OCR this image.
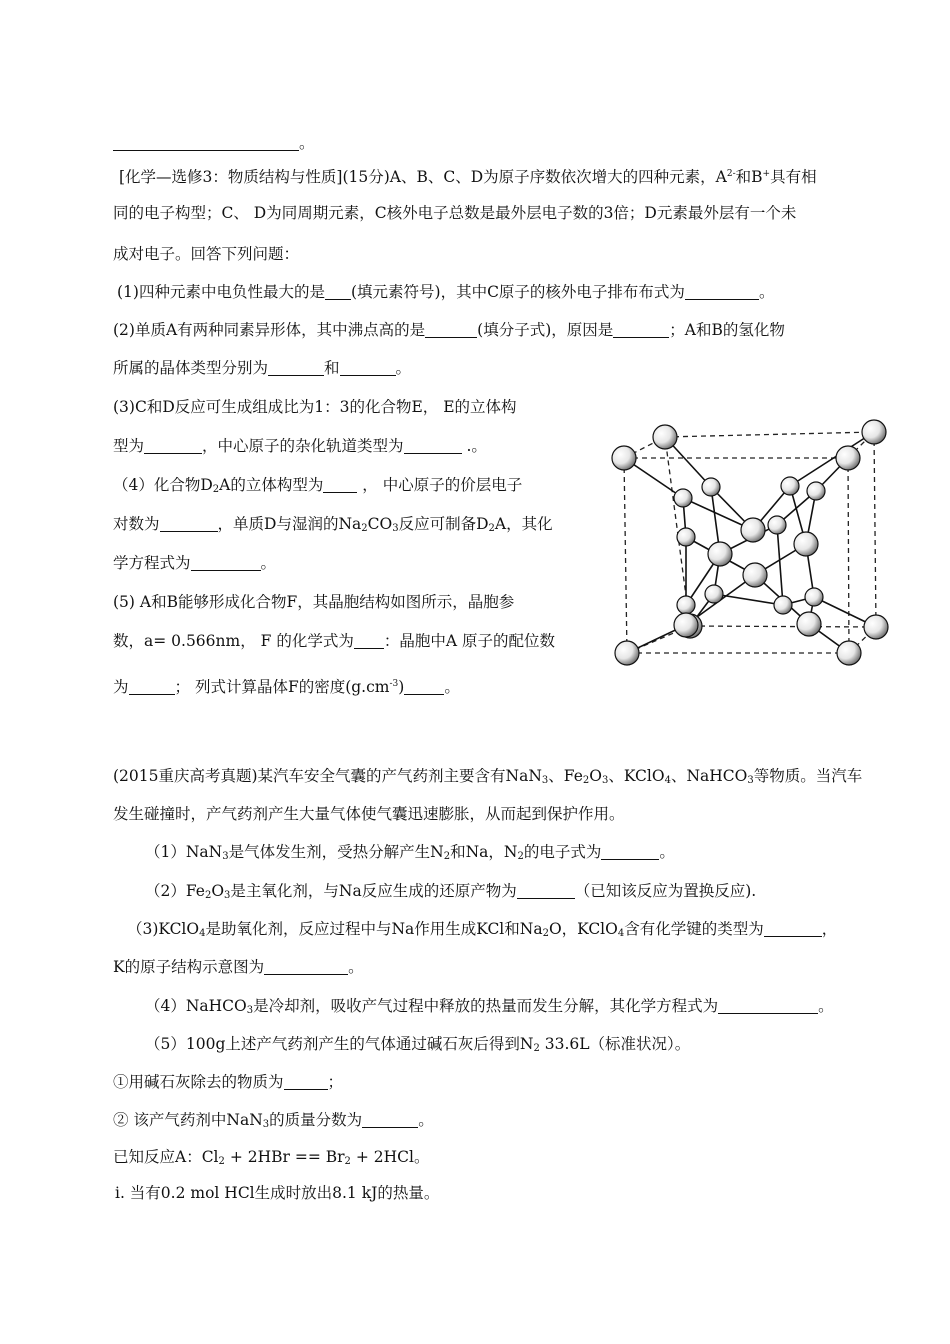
。
[化学—选修3：物质结构与性质](15分)A、B、C、D为原子序数依次增大的四种元素，$A^{2-}$和B+具有相
同的电子构型；C、 D为同周期元素，C核外电子总数是最外层电子数的3倍；D元素最外层有一个未
成对电子。回答下列问题：
(1)四种元素中电负性最大的是 (填元素符号)，其中C原子的核外电子排布布式为	。
(2)单质A有两种同素异形体，其中沸点高的是	(填分子式)，原因是	；A和B的氢化物
所属的晶体类型分别为	和	。
(3)C和D反应可生成组成比为1：3的化合物E， E的立体构
型为	，中心原子的杂化轨道类型为	.。
（4）化合物$D_2A$的立体构型为 ， 中心原子的价层电子
对数为	，单质D与湿润的$Na_2CO_3$反应可制备$D_2A$，其化
学方程式为	。
(5) A和B能够形成化合物F，其晶胞结构如图所示，晶胞参
数，a= 0.566nm， F 的化学式为 ：晶胞中A 原子的配位数
为	； 列式计算晶体F的密度$(g.cm^{-3})$	。
(2015重庆高考真题)某汽车安全气囊的产气药剂主要含有NaN$_3$、$Fe_2O_3$、KClO$_4$、NaHCO$_3$等物质。当汽车
发生碰撞时，产气药剂产生大量气体使气囊迅速膨胀，从而起到保护作用。
（1）NaN$_3$是气体发生剂，受热分解产生$N_2$和Na，$N_2$的电子式为	。
$(2)Fe_2O_3$是主氧化剂，与Na反应生成的还原产物为	（已知该反应为置换反应).
（3)KClO$_4$是助氧化剂，反应过程中与Na作用生成KCl和$Na_2O$，KClO$_4$含有化学键的类型为	，
K的原子结构示意图为	。
（4）NaHCO$_3$是冷却剂，吸收产气过程中释放的热量而发生分解，其化学方程式为	。
（5）100g上述产气药剂产生的气体通过碱石灰后得到$N_2$ 33.6L（标准状况）。
①用碱石灰除去的物质为	；
② 该产气药剂中NaN$_3$的质量分数为	。
已知反应A：$Cl_2 + 2HBr == Br_2 + 2HCl$。
ⅰ. 当有0.2 mol HCl生成时放出8.1 kJ的热量。
